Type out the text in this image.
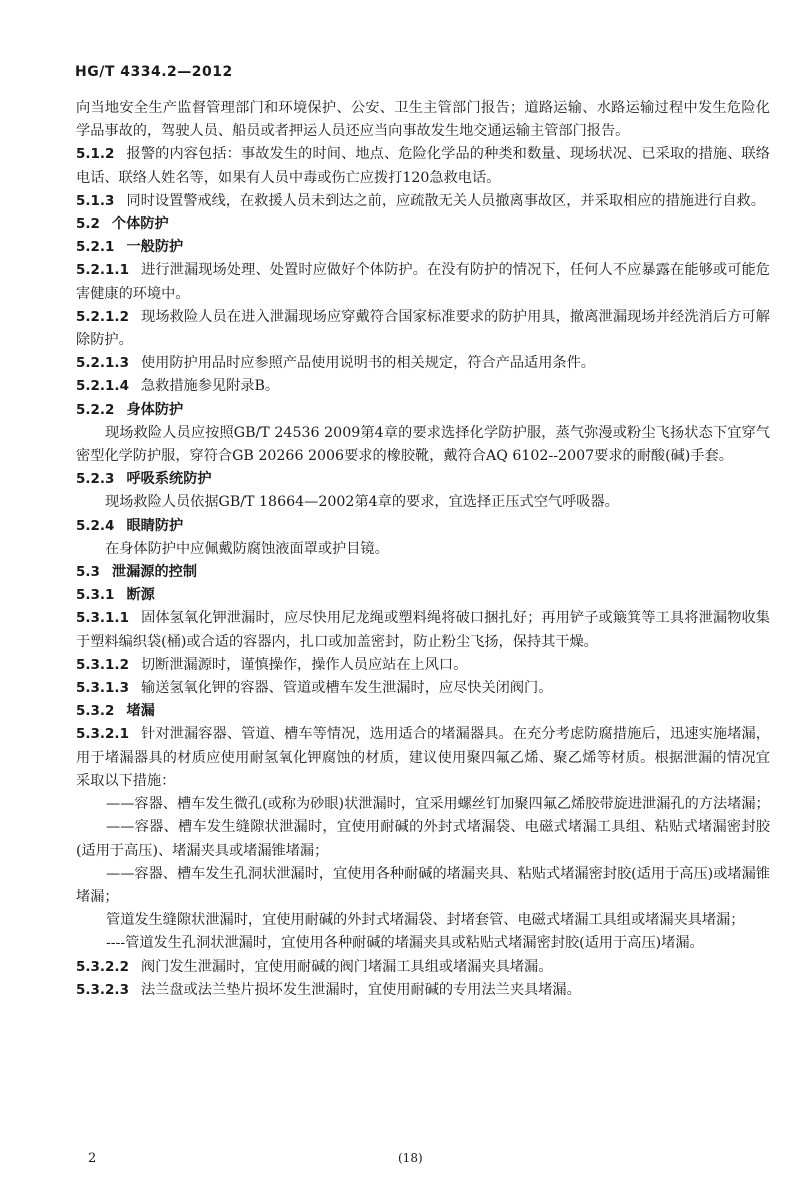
HG/T 4334.2—2012

向当地安全生产监督管理部门和环境保护、公安、卫生主管部门报告；道路运输、水路运输过程中发生危险化学品事故的，驾驶人员、船员或者押运人员还应当向事故发生地交通运输主管部门报告。

5.1.2 报警的内容包括：事故发生的时间、地点、危险化学品的种类和数量、现场状况、已采取的措施、联络电话、联络人姓名等，如果有人员中毒或伤亡应拨打120急救电话。

5.1.3 同时设置警戒线，在救援人员未到达之前，应疏散无关人员撤离事故区，并采取相应的措施进行自救。

5.2 个体防护

5.2.1 一般防护

5.2.1.1 进行泄漏现场处理、处置时应做好个体防护。在没有防护的情况下，任何人不应暴露在能够或可能危害健康的环境中。

5.2.1.2 现场救险人员在进入泄漏现场应穿戴符合国家标准要求的防护用具，撤离泄漏现场并经洗消后方可解除防护。

5.2.1.3 使用防护用品时应参照产品使用说明书的相关规定，符合产品适用条件。

5.2.1.4 急救措施参见附录B。

5.2.2 身体防护

现场救险人员应按照GB/T 24536 2009第4章的要求选择化学防护服，蒸气弥漫或粉尘飞扬状态下宜穿气密型化学防护服，穿符合GB 20266 2006要求的橡胶靴，戴符合AQ 6102--2007要求的耐酸(碱)手套。

5.2.3 呼吸系统防护

现场救险人员依据GB/T 18664—2002第4章的要求，宜选择正压式空气呼吸器。

5.2.4 眼睛防护

在身体防护中应佩戴防腐蚀液面罩或护目镜。

5.3 泄漏源的控制

5.3.1 断源

5.3.1.1 固体氢氧化钾泄漏时，应尽快用尼龙绳或塑料绳将破口捆扎好；再用铲子或簸箕等工具将泄漏物收集于塑料编织袋(桶)或合适的容器内，扎口或加盖密封，防止粉尘飞扬，保持其干燥。

5.3.1.2 切断泄漏源时，谨慎操作，操作人员应站在上风口。

5.3.1.3 输送氢氧化钾的容器、管道或槽车发生泄漏时，应尽快关闭阀门。

5.3.2 堵漏

5.3.2.1 针对泄漏容器、管道、槽车等情况，选用适合的堵漏器具。在充分考虑防腐措施后，迅速实施堵漏，用于堵漏器具的材质应使用耐氢氧化钾腐蚀的材质，建议使用聚四氟乙烯、聚乙烯等材质。根据泄漏的情况宜采取以下措施：

——容器、槽车发生微孔(或称为砂眼)状泄漏时，宜采用螺丝钉加聚四氟乙烯胶带旋进泄漏孔的方法堵漏；

——容器、槽车发生缝隙状泄漏时，宜使用耐碱的外封式堵漏袋、电磁式堵漏工具组、粘贴式堵漏密封胶(适用于高压)、堵漏夹具或堵漏锥堵漏；

——容器、槽车发生孔洞状泄漏时，宜使用各种耐碱的堵漏夹具、粘贴式堵漏密封胶(适用于高压)或堵漏锥堵漏；

管道发生缝隙状泄漏时，宜使用耐碱的外封式堵漏袋、封堵套管、电磁式堵漏工具组或堵漏夹具堵漏；

----管道发生孔洞状泄漏时，宜使用各种耐碱的堵漏夹具或粘贴式堵漏密封胶(适用于高压)堵漏。

5.3.2.2 阀门发生泄漏时，宜使用耐碱的阀门堵漏工具组或堵漏夹具堵漏。

5.3.2.3 法兰盘或法兰垫片损坏发生泄漏时，宜使用耐碱的专用法兰夹具堵漏。

2	(18)
